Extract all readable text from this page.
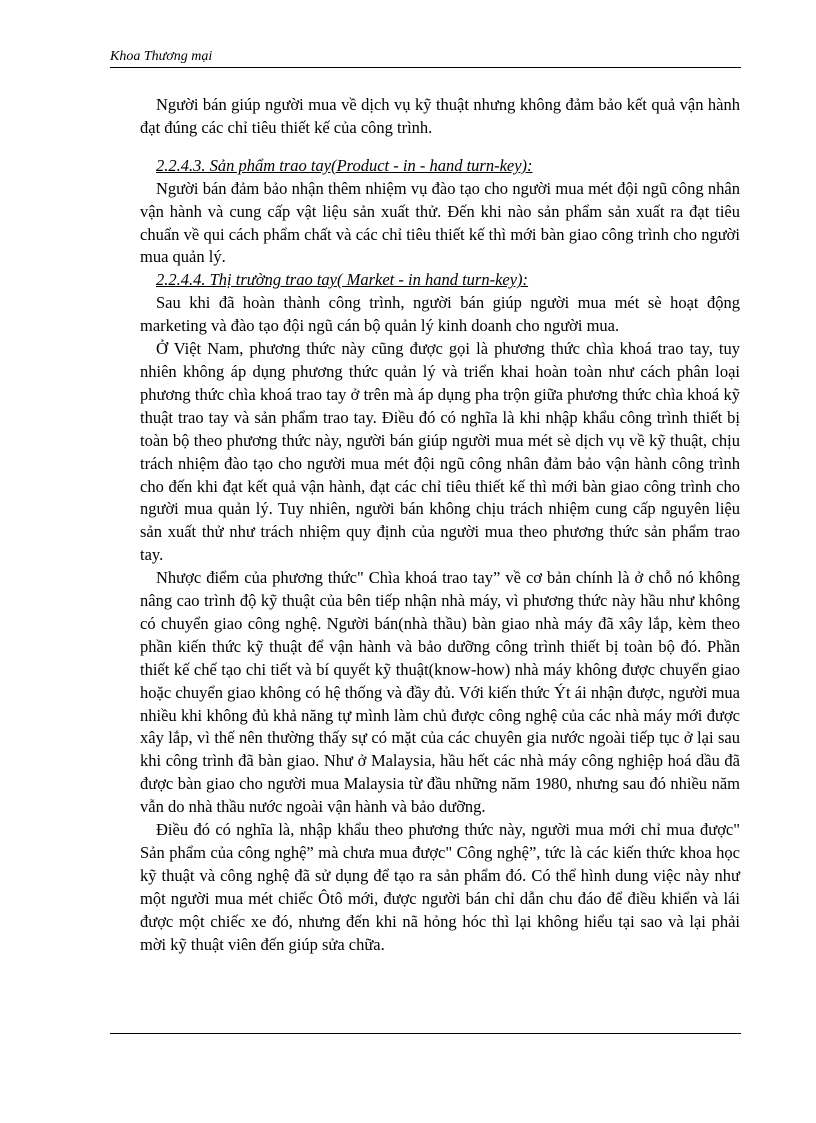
Khoa Thương mại

Người bán giúp người mua về dịch vụ kỹ thuật nhưng không đảm bảo kết quả vận hành đạt đúng các chỉ tiêu thiết kế của công trình.

2.2.4.3. Sản phẩm trao tay(Product - in - hand turn-key):

Người bán đảm bảo nhận thêm nhiệm vụ đào tạo cho người mua mét đội ngũ công nhân vận hành và cung cấp vật liệu sản xuất thử. Đến khi nào sản phẩm sản xuất ra đạt tiêu chuẩn về qui cách phẩm chất và các chỉ tiêu thiết kế thì mới bàn giao công trình cho người mua quản lý.

2.2.4.4. Thị trường trao tay( Market - in hand turn-key):

Sau khi đã hoàn thành công trình, người bán giúp người mua mét sè hoạt động marketing và đào tạo đội ngũ cán bộ quản lý kinh doanh cho người mua.

Ở Việt Nam, phương thức này cũng được gọi là phương thức chìa khoá trao tay, tuy nhiên không áp dụng phương thức quản lý và triển khai hoàn toàn như cách phân loại phương thức chìa khoá trao tay ở trên mà áp dụng pha trộn giữa phương thức chìa khoá kỹ thuật trao tay và sản phẩm trao tay. Điều đó có nghĩa là khi nhập khẩu công trình thiết bị toàn bộ theo phương thức này, người bán giúp người mua mét sè dịch vụ về kỹ thuật, chịu trách nhiệm đào tạo cho người mua mét đội ngũ công nhân đảm bảo vận hành công trình cho đến khi đạt kết quả vận hành, đạt các chỉ tiêu thiết kế thì mới bàn giao công trình cho người mua quản lý. Tuy nhiên, người bán không chịu trách nhiệm cung cấp nguyên liệu sản xuất thử như trách nhiệm quy định của người mua theo phương thức sản phẩm trao tay.

Nhược điểm của phương thức" Chìa khoá trao tay” về cơ bản chính là ở chỗ nó không nâng cao trình độ kỹ thuật của bên tiếp nhận nhà máy, vì phương thức này hầu như không có chuyển giao công nghệ. Người bán(nhà thầu) bàn giao nhà máy đã xây lắp, kèm theo phần kiến thức kỹ thuật để vận hành và bảo dưỡng công trình thiết bị toàn bộ đó. Phần thiết kế chế tạo chi tiết và bí quyết kỹ thuật(know-how) nhà máy không được chuyển giao hoặc chuyển giao không có hệ thống và đầy đủ. Với kiến thức Ýt ái nhận được, người mua nhiều khi không đủ khả năng tự mình làm chủ được công nghệ của các nhà máy mới được xây lắp, vì thế nên thường thấy sự có mặt của các chuyên gia nước ngoài tiếp tục ở lại sau khi công trình đã bàn giao. Như ở Malaysia, hầu hết các nhà máy công nghiệp hoá dầu đã được bàn giao cho người mua Malaysia từ đầu những năm 1980, nhưng sau đó nhiều năm vẫn do nhà thầu nước ngoài vận hành và bảo dưỡng.

Điều đó có nghĩa là, nhập khẩu theo phương thức này, người mua mới chỉ mua được" Sản phẩm của công nghệ” mà chưa mua được" Công nghệ”, tức là các kiến thức khoa học kỹ thuật và công nghệ đã sử dụng để tạo ra sản phẩm đó. Có thể hình dung việc này như một người mua mét chiếc Ôtô mới, được người bán chỉ dẫn chu đáo để điều khiển và lái được một chiếc xe đó, nhưng đến khi nã hỏng hóc thì lại không hiểu tại sao và lại phải mời kỹ thuật viên đến giúp sửa chữa.
